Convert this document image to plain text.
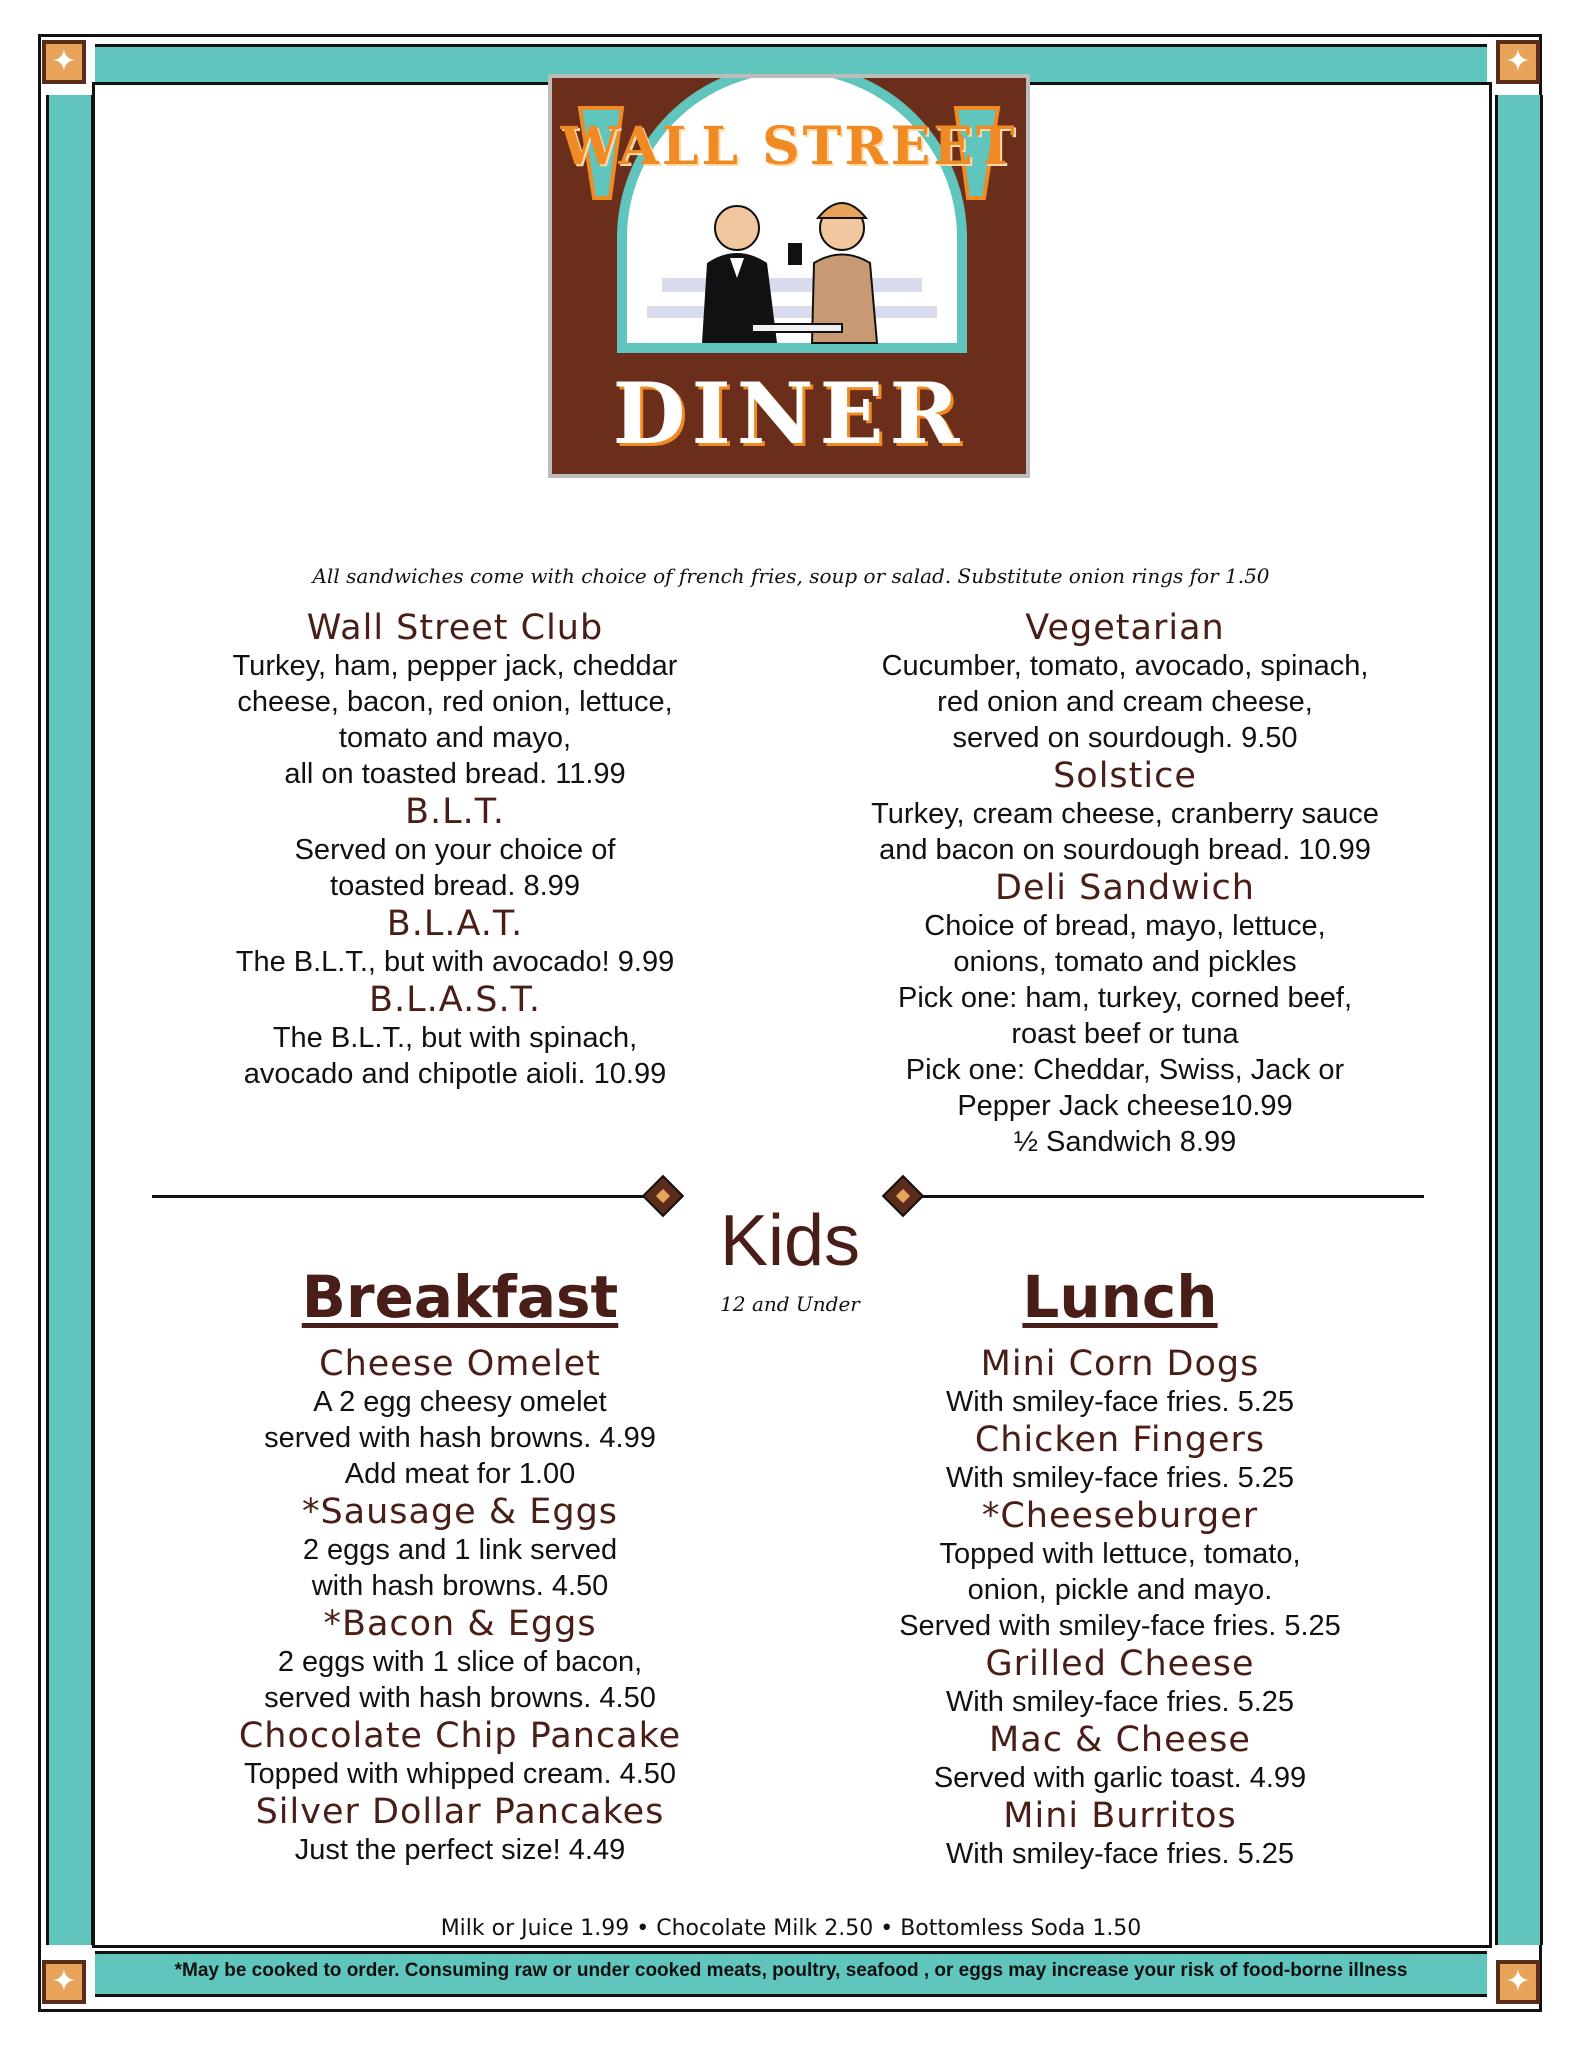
✦	✦
✦	✦
WALL STREET
DINER
All sandwiches come with choice of french fries, soup or salad. Substitute onion rings for 1.50
Wall Street Club
Turkey, ham, pepper jack, cheddar
cheese, bacon, red onion, lettuce,
tomato and mayo,
all on toasted bread. 11.99
B.L.T.
Served on your choice of
toasted bread. 8.99
B.L.A.T.
The B.L.T., but with avocado! 9.99
B.L.A.S.T.
The B.L.T., but with spinach,
avocado and chipotle aioli. 10.99
Vegetarian
Cucumber, tomato, avocado, spinach,
red onion and cream cheese,
served on sourdough. 9.50
Solstice
Turkey, cream cheese, cranberry sauce
and bacon on sourdough bread. 10.99
Deli Sandwich
Choice of bread, mayo, lettuce,
onions, tomato and pickles
Pick one: ham, turkey, corned beef,
roast beef or tuna
Pick one: Cheddar, Swiss, Jack or
Pepper Jack cheese10.99
½ Sandwich 8.99
Kids
12 and Under
Breakfast
Cheese Omelet
A 2 egg cheesy omelet
served with hash browns. 4.99
Add meat for 1.00
*Sausage & Eggs
2 eggs and 1 link served
with hash browns. 4.50
*Bacon & Eggs
2 eggs with 1 slice of bacon,
served with hash browns. 4.50
Chocolate Chip Pancake
Topped with whipped cream. 4.50
Silver Dollar Pancakes
Just the perfect size! 4.49
Lunch
Mini Corn Dogs
With smiley-face fries. 5.25
Chicken Fingers
With smiley-face fries. 5.25
*Cheeseburger
Topped with lettuce, tomato,
onion, pickle and mayo.
Served with smiley-face fries. 5.25
Grilled Cheese
With smiley-face fries. 5.25
Mac & Cheese
Served with garlic toast. 4.99
Mini Burritos
With smiley-face fries. 5.25
Milk or Juice 1.99 • Chocolate Milk 2.50 • Bottomless Soda 1.50
*May be cooked to order. Consuming raw or under cooked meats, poultry, seafood , or eggs may increase your risk of food-borne illness
